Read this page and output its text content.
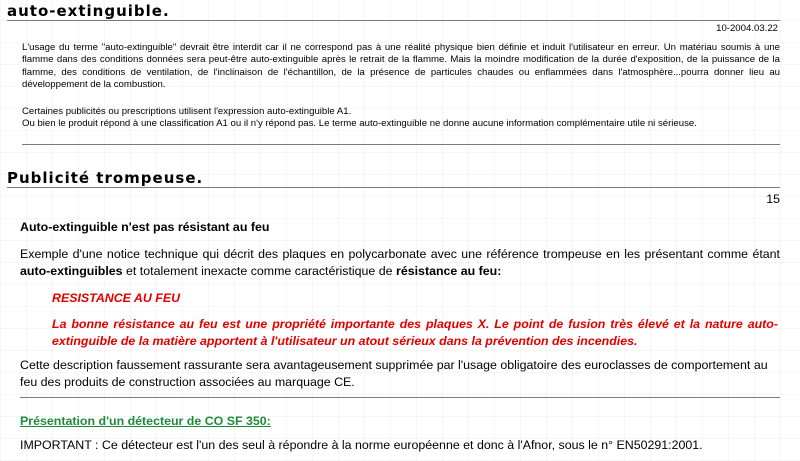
auto-extinguible.
10-2004.03.22

L'usage du terme "auto-extinguible" devrait être interdit car il ne correspond pas à une réalité physique bien définie et induit l'utilisateur en erreur. Un matériau soumis à une flamme dans des conditions données sera peut-être auto-extinguible après le retrait de la flamme. Mais la moindre modification de la durée d'exposition, de la puissance de la flamme, des conditions de ventilation, de l'inclinaison de l'échantillon, de la présence de particules chaudes ou enflammées dans l'atmosphère...pourra donner lieu au développement de la combustion.

Certaines publicités ou prescriptions utilisent l'expression auto-extinguible A1.

Ou bien le produit répond à une classification A1 ou il n'y répond pas. Le terme auto-extinguible ne donne aucune information complémentaire utile ni sérieuse.

Publicité trompeuse.
15

Auto-extinguible n'est pas résistant au feu

Exemple d'une notice technique qui décrit des plaques en polycarbonate avec une référence trompeuse en les présentant comme étant auto-extinguibles et totalement inexacte comme caractéristique de résistance au feu:

RESISTANCE AU FEU

La bonne résistance au feu est une propriété importante des plaques X. Le point de fusion très élevé et la nature auto-extinguible de la matière apportent à l'utilisateur un atout sérieux dans la prévention des incendies.

Cette description faussement rassurante sera avantageusement supprimée par l'usage obligatoire des euroclasses de comportement au feu des produits de construction associées au marquage CE.

Présentation d'un détecteur de CO SF 350:

IMPORTANT : Ce détecteur est l'un des seul à répondre à la norme européenne et donc à l'Afnor, sous le n° EN50291:2001.
